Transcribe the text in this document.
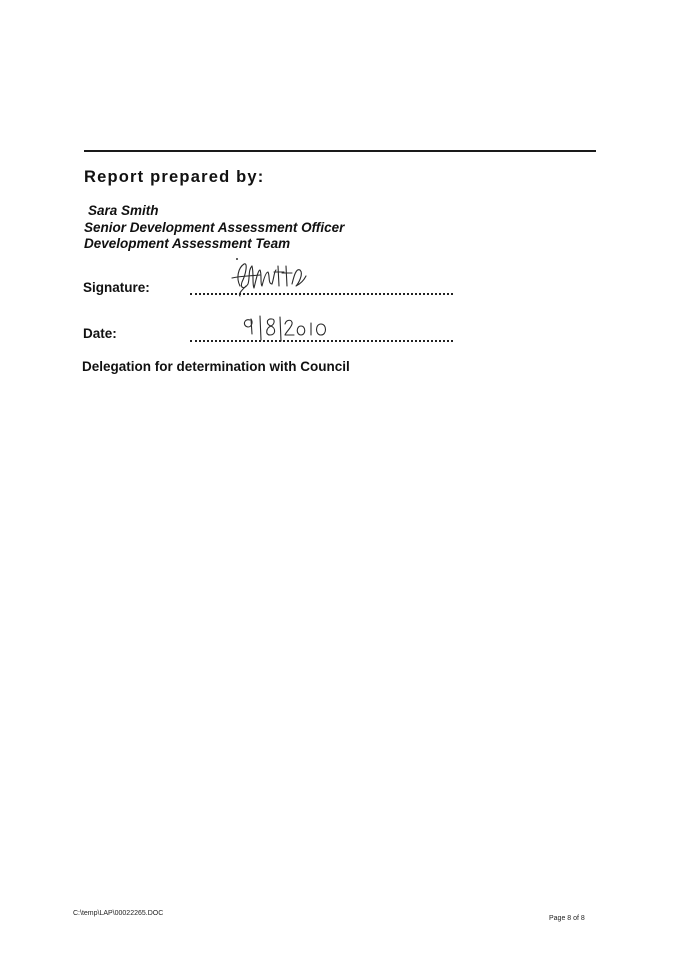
Report prepared by:
Sara Smith
Senior Development Assessment Officer
Development Assessment Team
Signature:
Date:
Delegation for determination with Council
C:\temp\LAP\00022265.DOC
Page 8 of 8
